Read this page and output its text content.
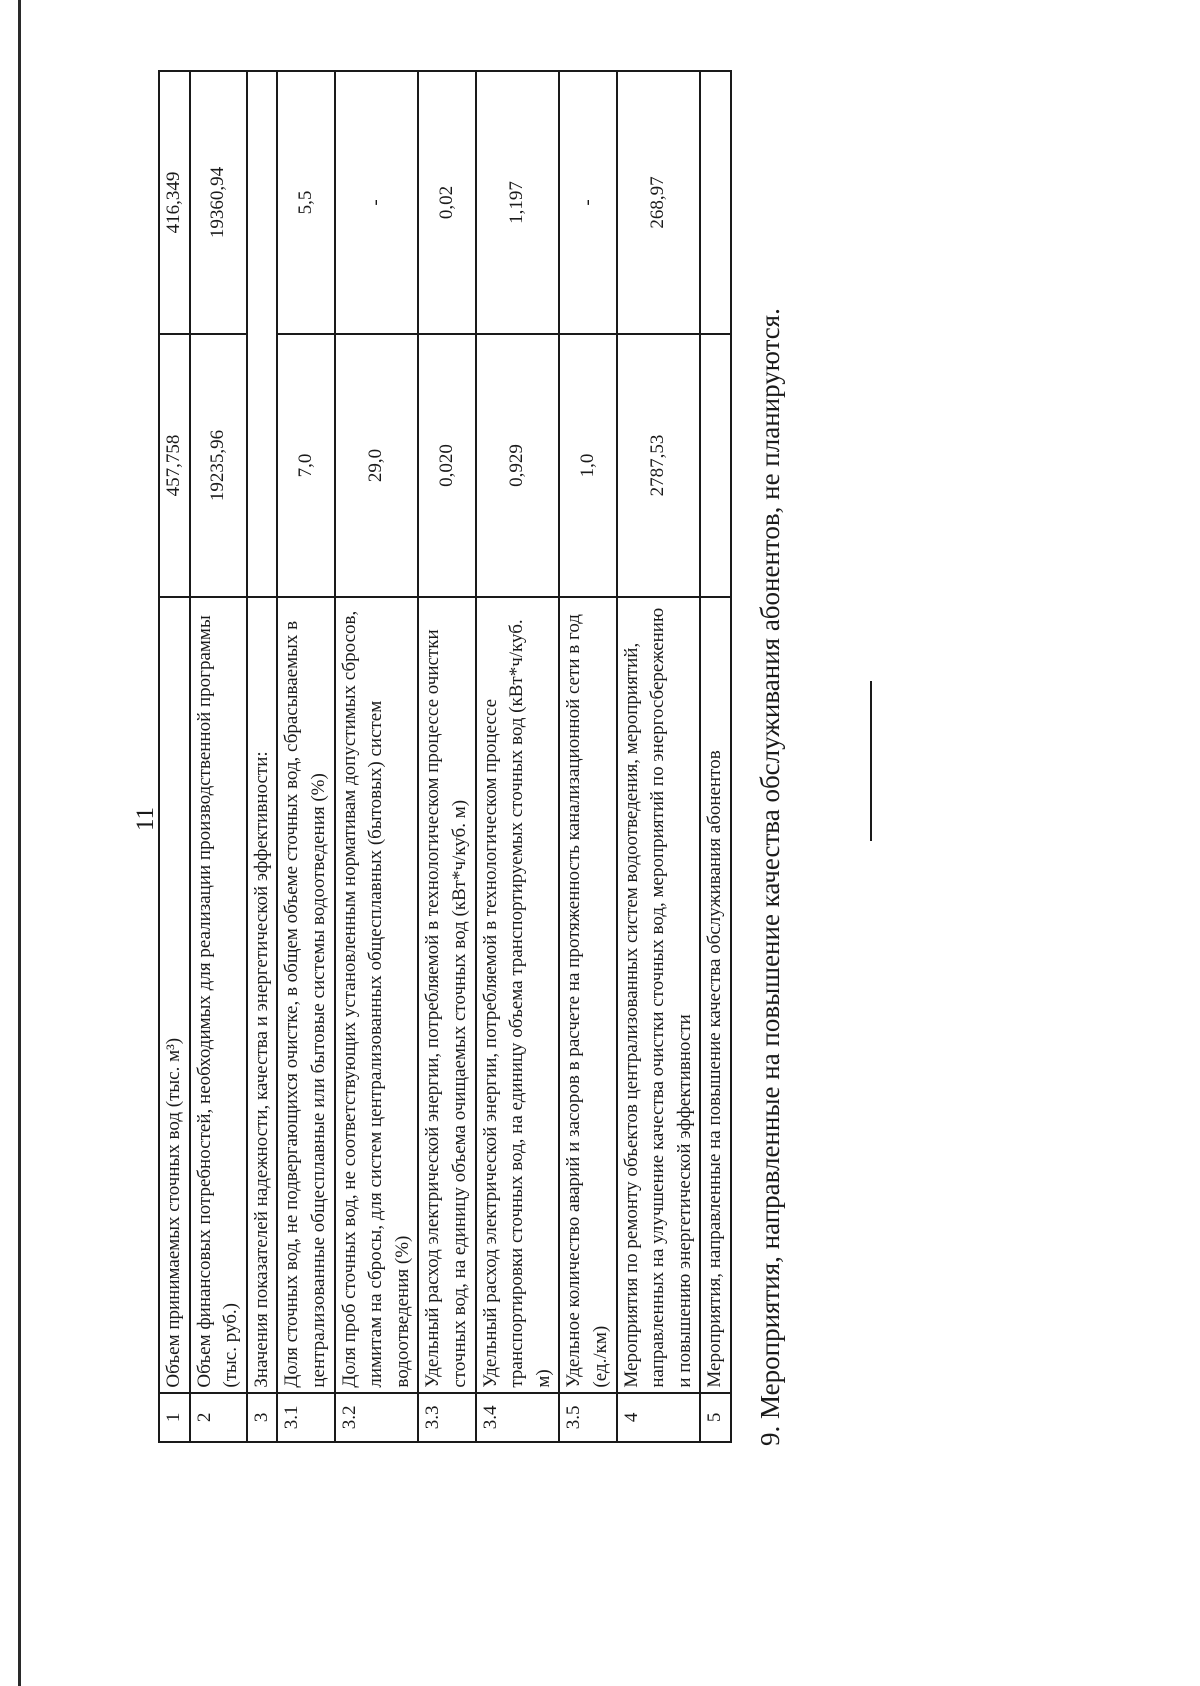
11
1	Объем принимаемых сточных вод (тыс. м³)	457,758	416,349
2	Объем финансовых потребностей, необходимых для реализации производственной программы (тыс. руб.)	19235,96	19360,94
3	Значения показателей надежности, качества и энергетической эффективности:		
3.1	Доля сточных вод, не подвергающихся очистке, в общем объеме сточных вод, сбрасываемых в централизованные общесплавные или бытовые системы водоотведения (%)	7,0	5,5
3.2	Доля проб сточных вод, не соответствующих установленным нормативам допустимых сбросов, лимитам на сбросы, для систем централизованных общесплавных (бытовых) систем водоотведения (%)	29,0	-
3.3	Удельный расход электрической энергии, потребляемой в технологическом процессе очистки сточных вод, на единицу объема очищаемых сточных вод (кВт*ч/куб. м)	0,020	0,02
3.4	Удельный расход электрической энергии, потребляемой в технологическом процессе транспортировки сточных вод, на единицу объема транспортируемых сточных вод (кВт*ч/куб. м)	0,929	1,197
3.5	Удельное количество аварий и засоров в расчете на протяженность канализационной сети в год (ед./км)	1,0	-
4	Мероприятия по ремонту объектов централизованных систем водоотведения, мероприятий, направленных на улучшение качества очистки сточных вод, мероприятий по энергосбережению и повышению энергетической эффективности	2787,53	268,97
5	Мероприятия, направленные на повышение качества обслуживания абонентов		9. Мероприятия, направленные на повышение качества обслуживания абонентов, не планируются.
